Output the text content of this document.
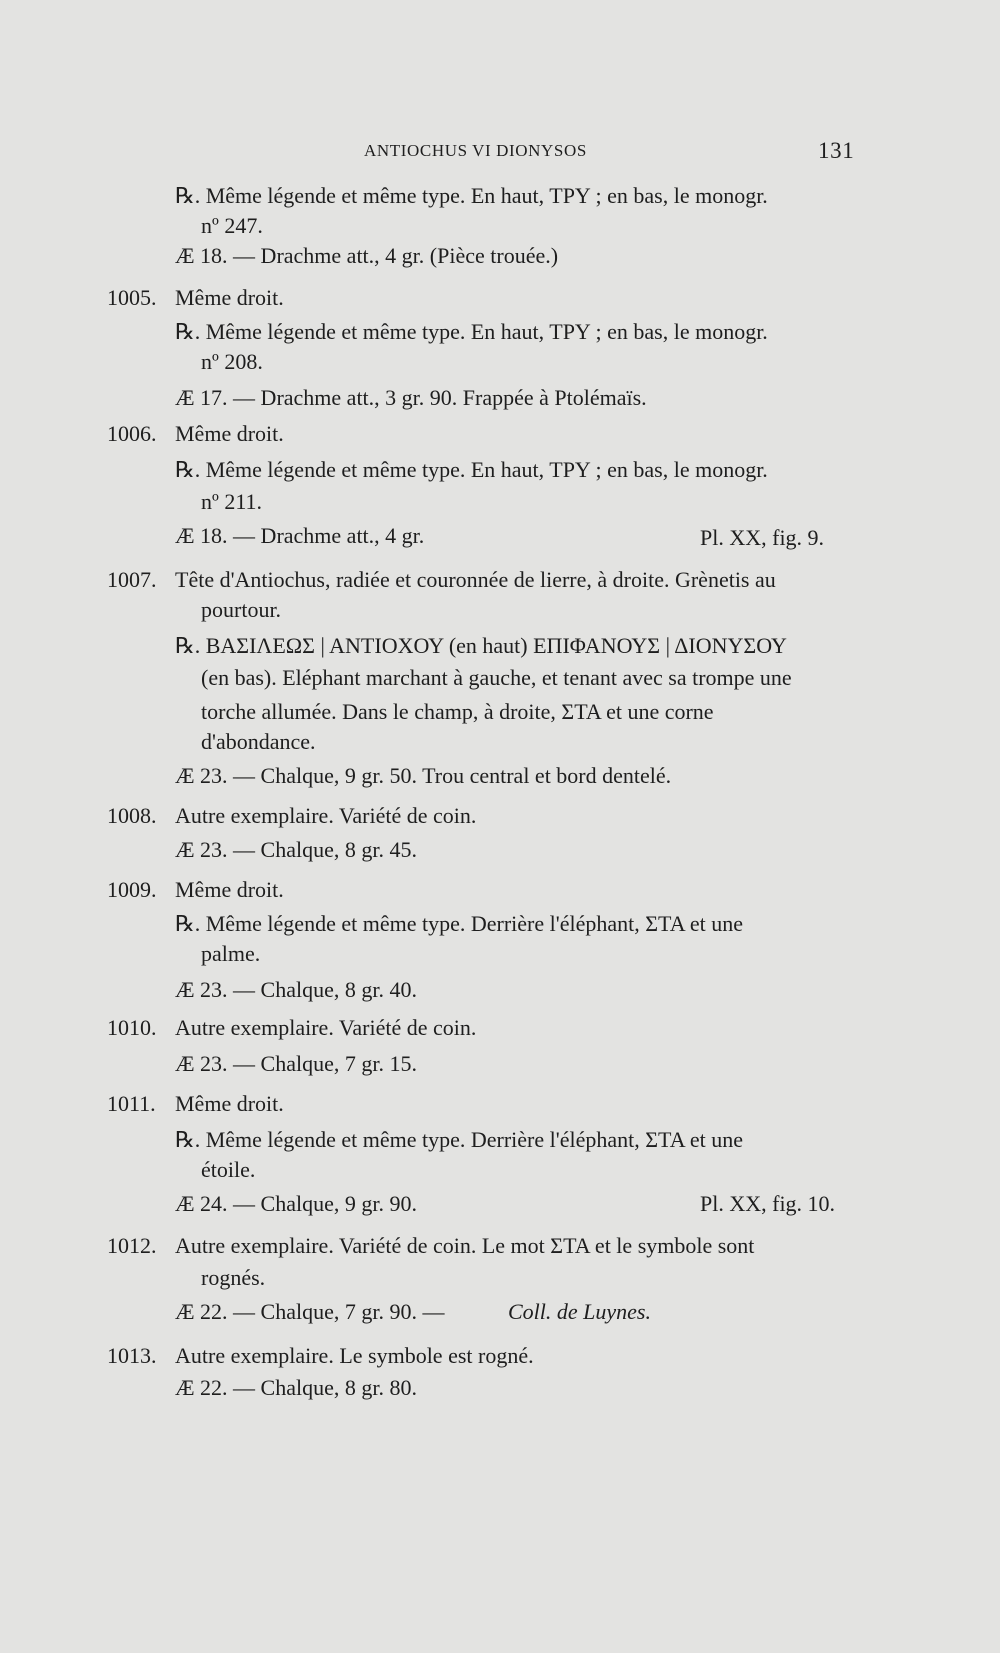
ANTIOCHUS VI DIONYSOS	131
℞. Même légende et même type. En haut, TPY ; en bas, le monogr.
nº 247.
Æ 18. — Drachme att., 4 gr. (Pièce trouée.)
1005. Même droit.
℞. Même légende et même type. En haut, TPY ; en bas, le monogr.
nº 208.
Æ 17. — Drachme att., 3 gr. 90. Frappée à Ptolémaïs.
1006. Même droit.
℞. Même légende et même type. En haut, TPY ; en bas, le monogr.
nº 211.
Æ 18. — Drachme att., 4 gr.	Pl. XX, fig. 9.
1007. Tête d'Antiochus, radiée et couronnée de lierre, à droite. Grènetis au
pourtour.
℞. ΒΑΣΙΛΕΩΣ | ΑΝΤΙΟΧΟΥ (en haut) ΕΠΙΦΑΝΟΥΣ | ΔΙΟΝΥΣΟΥ
(en bas). Eléphant marchant à gauche, et tenant avec sa trompe une
torche allumée. Dans le champ, à droite, ΣΤΑ et une corne
d'abondance.
Æ 23. — Chalque, 9 gr. 50. Trou central et bord dentelé.
1008. Autre exemplaire. Variété de coin.
Æ 23. — Chalque, 8 gr. 45.
1009. Même droit.
℞. Même légende et même type. Derrière l'éléphant, ΣΤΑ et une
palme.
Æ 23. — Chalque, 8 gr. 40.
1010. Autre exemplaire. Variété de coin.
Æ 23. — Chalque, 7 gr. 15.
1011. Même droit.
℞. Même légende et même type. Derrière l'éléphant, ΣΤΑ et une
étoile.
Æ 24. — Chalque, 9 gr. 90.	Pl. XX, fig. 10.
1012. Autre exemplaire. Variété de coin. Le mot ΣΤΑ et le symbole sont
rognés.
Æ 22. — Chalque, 7 gr. 90. —	Coll. de Luynes.
1013. Autre exemplaire. Le symbole est rogné.
Æ 22. — Chalque, 8 gr. 80.
